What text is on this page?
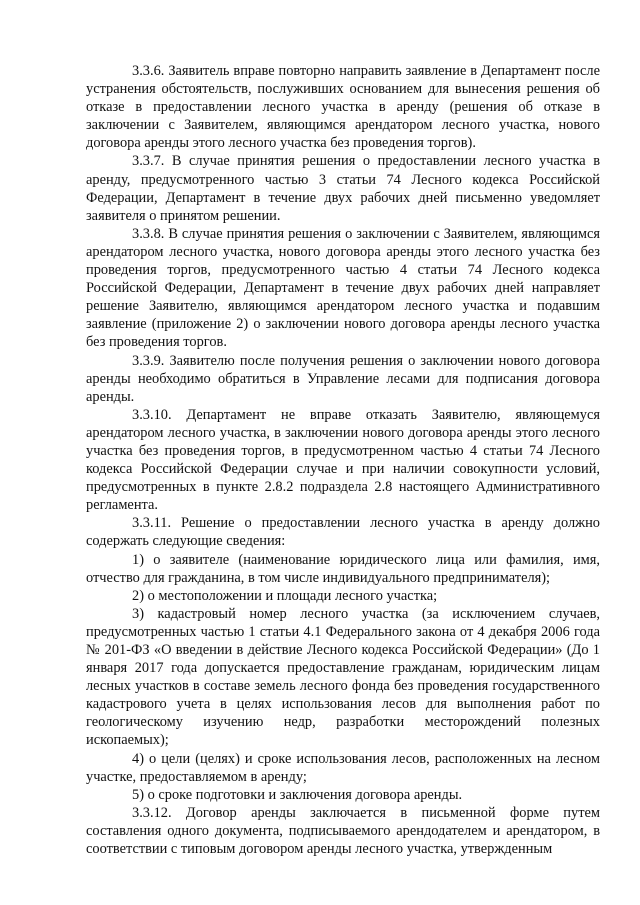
3.3.6. Заявитель вправе повторно направить заявление в Департамент после устранения обстоятельств, послуживших основанием для вынесения решения об отказе в предоставлении лесного участка в аренду (решения об отказе в заключении с Заявителем, являющимся арендатором лесного участка, нового договора аренды этого лесного участка без проведения торгов).

3.3.7. В случае принятия решения о предоставлении лесного участка в аренду, предусмотренного частью 3 статьи 74 Лесного кодекса Российской Федерации, Департамент в течение двух рабочих дней письменно уведомляет заявителя о принятом решении.

3.3.8. В случае принятия решения о заключении с Заявителем, являющимся арендатором лесного участка, нового договора аренды этого лесного участка без проведения торгов, предусмотренного частью 4 статьи 74 Лесного кодекса Российской Федерации, Департамент в течение двух рабочих дней направляет решение Заявителю, являющимся арендатором лесного участка и подавшим заявление (приложение 2) о заключении нового договора аренды лесного участка без проведения торгов.

3.3.9. Заявителю после получения решения о заключении нового договора аренды необходимо обратиться в Управление лесами для подписания договора аренды.

3.3.10. Департамент не вправе отказать Заявителю, являющемуся арендатором лесного участка, в заключении нового договора аренды этого лесного участка без проведения торгов, в предусмотренном частью 4 статьи 74 Лесного кодекса Российской Федерации случае и при наличии совокупности условий, предусмотренных в пункте 2.8.2 подраздела 2.8 настоящего Административного регламента.

3.3.11. Решение о предоставлении лесного участка в аренду должно содержать следующие сведения:

1) о заявителе (наименование юридического лица или фамилия, имя, отчество для гражданина, в том числе индивидуального предпринимателя);

2) о местоположении и площади лесного участка;

3) кадастровый номер лесного участка (за исключением случаев, предусмотренных частью 1 статьи 4.1 Федерального закона от 4 декабря 2006 года № 201-ФЗ «О введении в действие Лесного кодекса Российской Федерации» (До 1 января 2017 года допускается предоставление гражданам, юридическим лицам лесных участков в составе земель лесного фонда без проведения государственного кадастрового учета в целях использования лесов для выполнения работ по геологическому изучению недр, разработки месторождений полезных ископаемых);

4) о цели (целях) и сроке использования лесов, расположенных на лесном участке, предоставляемом в аренду;

5) о сроке подготовки и заключения договора аренды.

3.3.12. Договор аренды заключается в письменной форме путем составления одного документа, подписываемого арендодателем и арендатором, в соответствии с типовым договором аренды лесного участка, утвержденным
